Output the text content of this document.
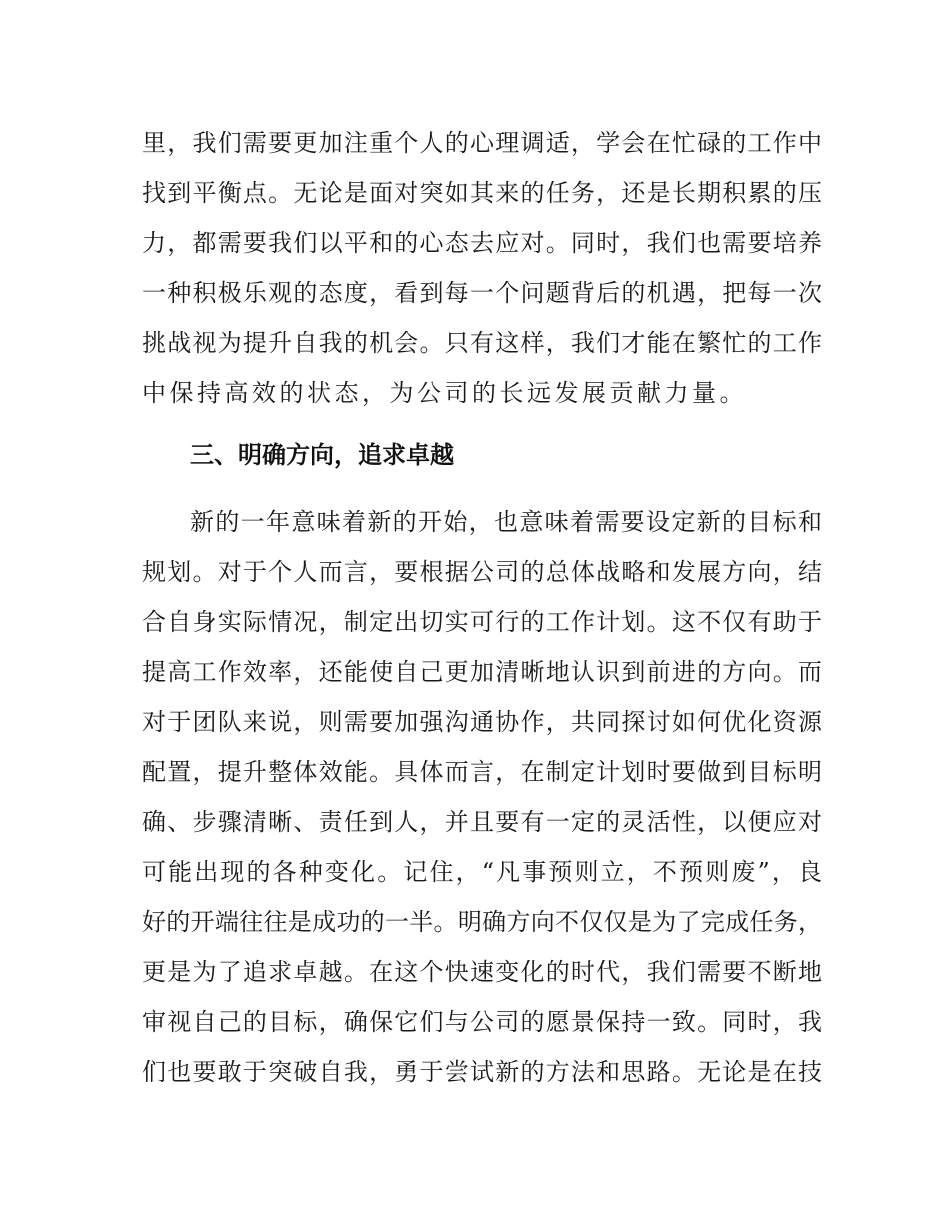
里，我们需要更加注重个人的心理调适，学会在忙碌的工作中
找到平衡点。无论是面对突如其来的任务，还是长期积累的压
力，都需要我们以平和的心态去应对。同时，我们也需要培养
一种积极乐观的态度，看到每一个问题背后的机遇，把每一次
挑战视为提升自我的机会。只有这样，我们才能在繁忙的工作
中保持高效的状态，为公司的长远发展贡献力量。
三、明确方向，追求卓越
新的一年意味着新的开始，也意味着需要设定新的目标和
规划。对于个人而言，要根据公司的总体战略和发展方向，结
合自身实际情况，制定出切实可行的工作计划。这不仅有助于
提高工作效率，还能使自己更加清晰地认识到前进的方向。而
对于团队来说，则需要加强沟通协作，共同探讨如何优化资源
配置，提升整体效能。具体而言，在制定计划时要做到目标明
确、步骤清晰、责任到人，并且要有一定的灵活性，以便应对
可能出现的各种变化。记住，“凡事预则立，不预则废”，良
好的开端往往是成功的一半。明确方向不仅仅是为了完成任务，
更是为了追求卓越。在这个快速变化的时代，我们需要不断地
审视自己的目标，确保它们与公司的愿景保持一致。同时，我
们也要敢于突破自我，勇于尝试新的方法和思路。无论是在技
